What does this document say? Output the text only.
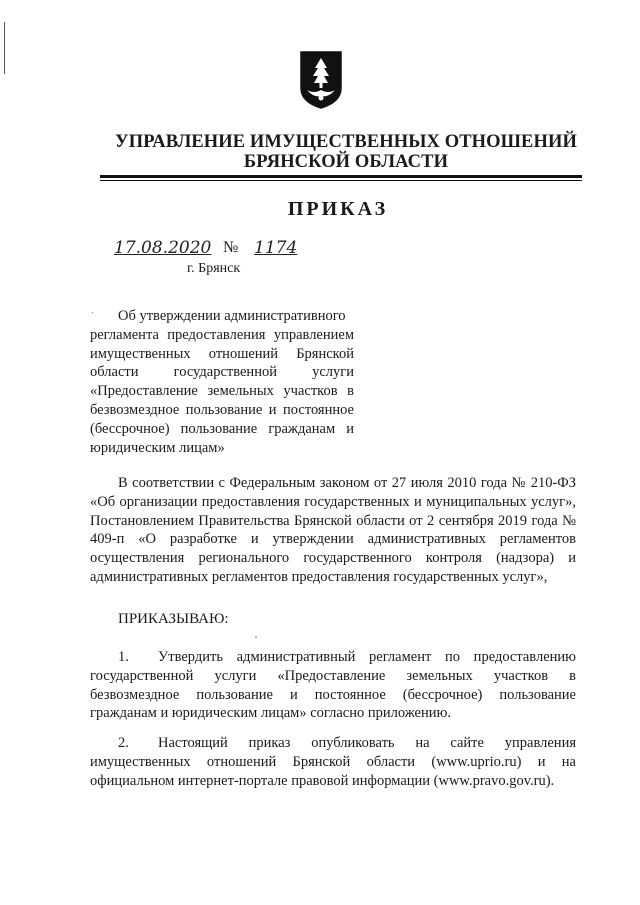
УПРАВЛЕНИЕ ИМУЩЕСТВЕННЫХ ОТНОШЕНИЙ
БРЯНСКОЙ ОБЛАСТИ
ПРИКАЗ
17.08.2020 № 1174
г. Брянск
Об утверждении административного
регламента предоставления управлением имущественных отношений Брянской области государственной услуги «Предоставление земельных участков в безвозмездное пользование и постоянное (бессрочное) пользование гражданам и юридическим лицам»
В соответствии с Федеральным законом от 27 июля 2010 года № 210-ФЗ «Об организации предоставления государственных и муниципальных услуг», Постановлением Правительства Брянской области от 2 сентября 2019 года № 409-п «О разработке и утверждении административных регламентов осуществления регионального государственного контроля (надзора) и административных регламентов предоставления государственных услуг»,
ПРИКАЗЫВАЮ:
1. Утвердить административный регламент по предоставлению государственной услуги «Предоставление земельных участков в безвозмездное пользование и постоянное (бессрочное) пользование гражданам и юридическим лицам» согласно приложению.
2. Настоящий приказ опубликовать на сайте управления имущественных отношений Брянской области (www.uprio.ru) и на официальном интернет-портале правовой информации (www.pravo.gov.ru).
